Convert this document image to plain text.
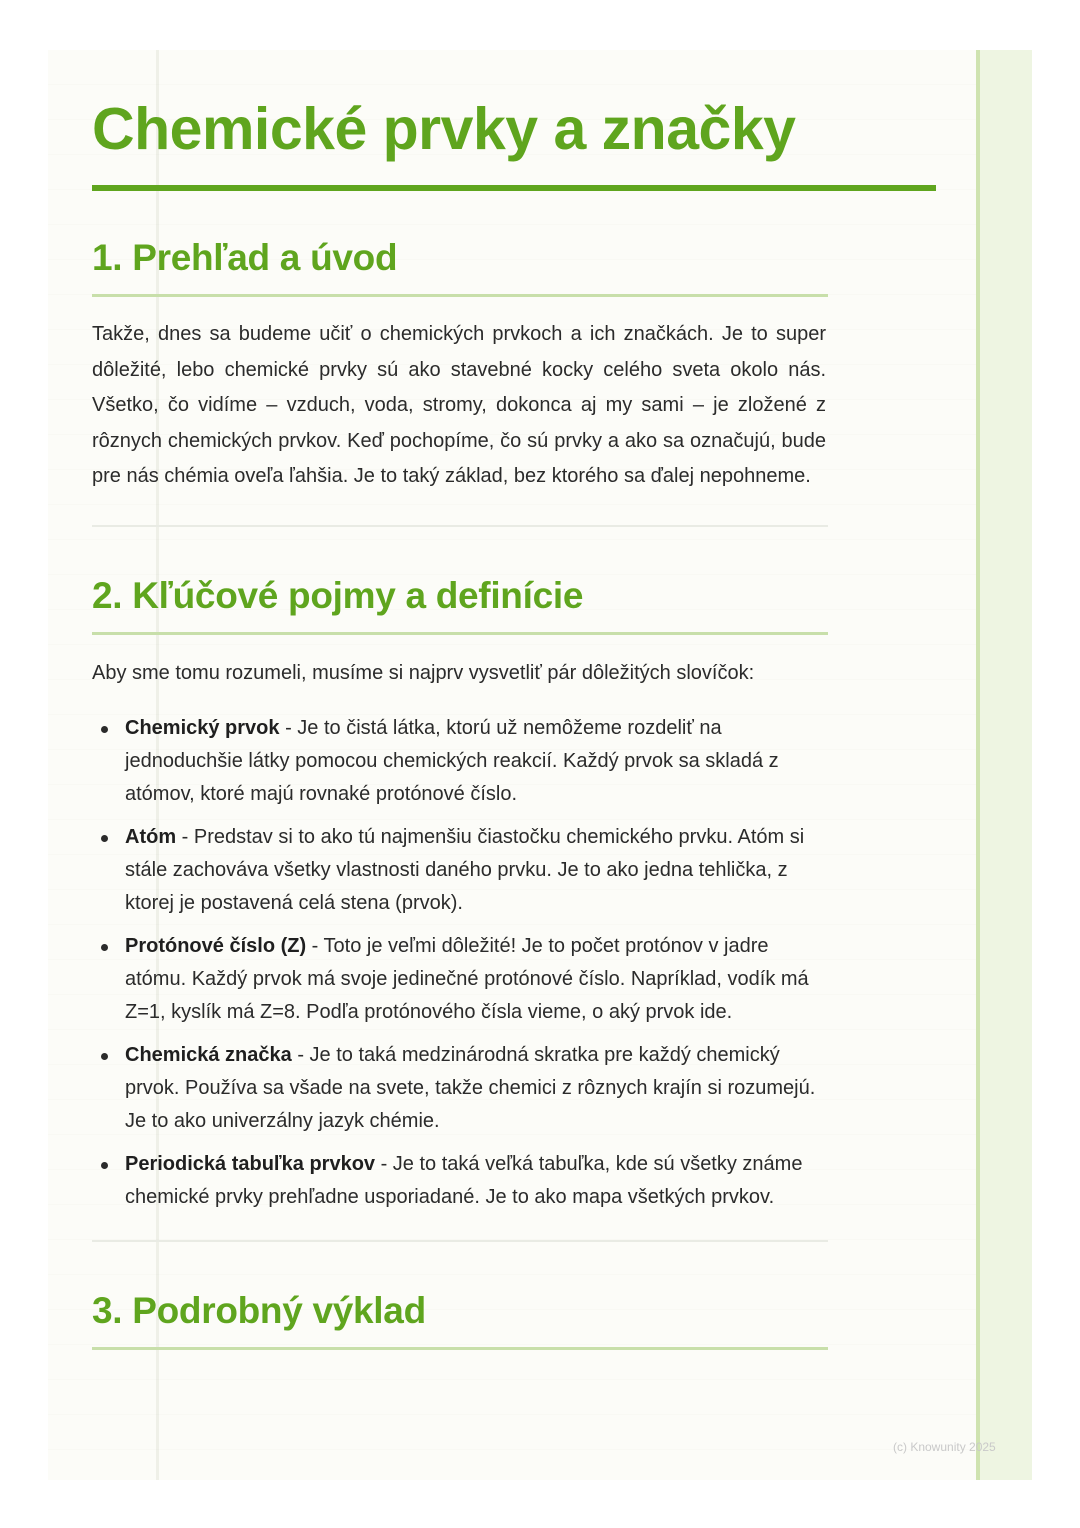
Chemické prvky a značky
1. Prehľad a úvod

Takže, dnes sa budeme učiť o chemických prvkoch a ich značkách. Je to super dôležité, lebo chemické prvky sú ako stavebné kocky celého sveta okolo nás. Všetko, čo vidíme – vzduch, voda, stromy, dokonca aj my sami – je zložené z rôznych chemických prvkov. Keď pochopíme, čo sú prvky a ako sa označujú, bude pre nás chémia oveľa ľahšia. Je to taký základ, bez ktorého sa ďalej nepohneme.

2. Kľúčové pojmy a definície

Aby sme tomu rozumeli, musíme si najprv vysvetliť pár dôležitých slovíčok:

Chemický prvok - Je to čistá látka, ktorú už nemôžeme rozdeliť na jednoduchšie látky pomocou chemických reakcií. Každý prvok sa skladá z atómov, ktoré majú rovnaké protónové číslo.
Atóm - Predstav si to ako tú najmenšiu čiastočku chemického prvku. Atóm si stále zachováva všetky vlastnosti daného prvku. Je to ako jedna tehlička, z ktorej je postavená celá stena (prvok).
Protónové číslo (Z) - Toto je veľmi dôležité! Je to počet protónov v jadre atómu. Každý prvok má svoje jedinečné protónové číslo. Napríklad, vodík má Z=1, kyslík má Z=8. Podľa protónového čísla vieme, o aký prvok ide.
Chemická značka - Je to taká medzinárodná skratka pre každý chemický prvok. Používa sa všade na svete, takže chemici z rôznych krajín si rozumejú. Je to ako univerzálny jazyk chémie.
Periodická tabuľka prvkov - Je to taká veľká tabuľka, kde sú všetky známe chemické prvky prehľadne usporiadané. Je to ako mapa všetkých prvkov.
3. Podrobný výklad
(c) Knowunity 2025
